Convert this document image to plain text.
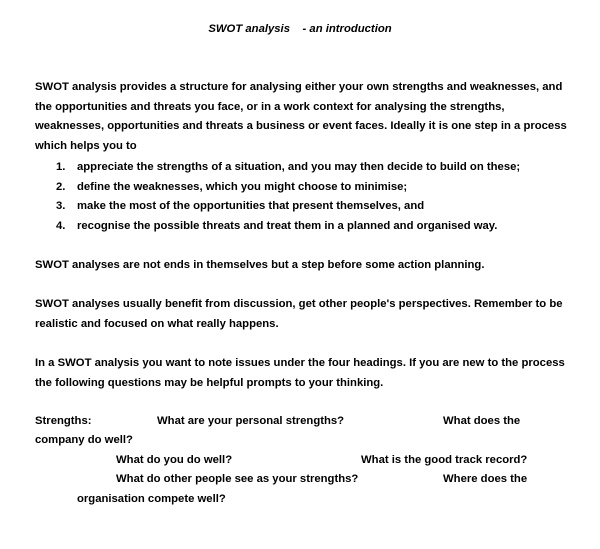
SWOT analysis    - an introduction

SWOT analysis provides a structure for analysing either your own strengths and weaknesses, and the opportunities and threats you face, or in a work context for analysing the strengths, weaknesses, opportunities and threats a business or event faces. Ideally it is one step in a process which helps you to

1. appreciate the strengths of a situation, and you may then decide to build on these;
2. define the weaknesses, which you might choose to minimise;
3. make the most of the opportunities that present themselves, and
4. recognise the possible threats and treat them in a planned and organised way.

SWOT analyses are not ends in themselves but a step before some action planning.

SWOT analyses usually benefit from discussion, get other people's perspectives. Remember to be realistic and focused on what really happens.

In a SWOT analysis you want to note issues under the four headings. If you are new to the process the following questions may be helpful prompts to your thinking.

Strengths:	What are your personal strengths?	What does the
company do well?
What do you do well?	What is the good track record?
What do other people see as your strengths?	Where does the
organisation compete well?
